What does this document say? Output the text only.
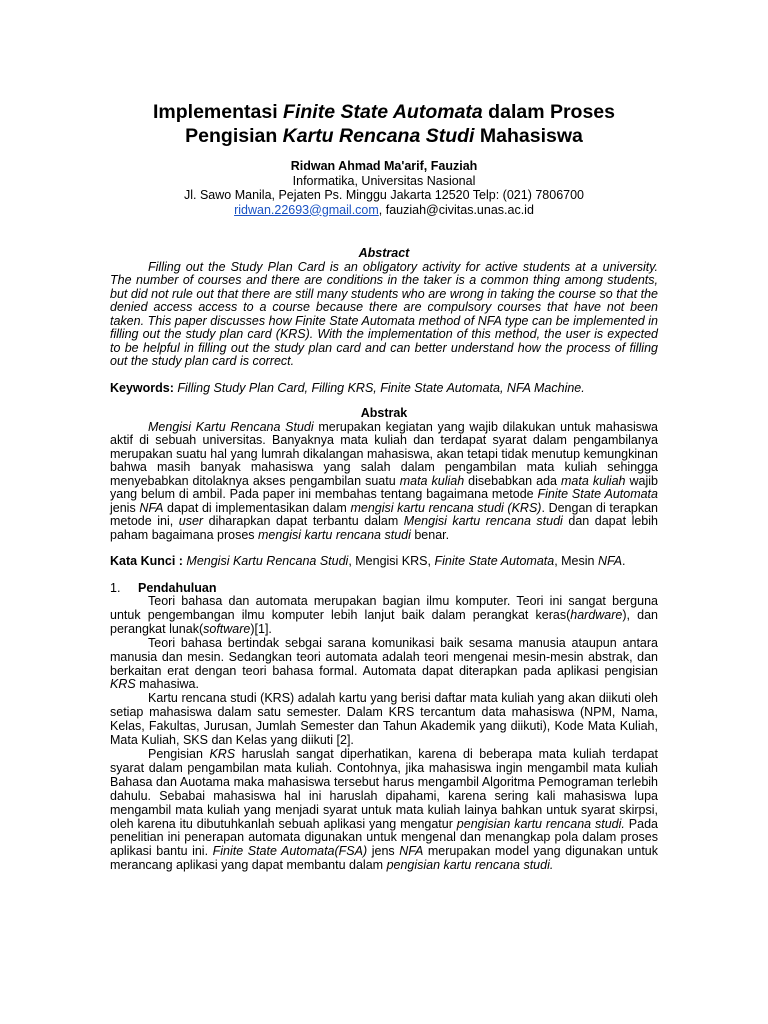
Implementasi Finite State Automata dalam Proses
Pengisian Kartu Rencana Studi Mahasiswa
Ridwan Ahmad Ma'arif, Fauziah
Informatika, Universitas Nasional
Jl. Sawo Manila, Pejaten Ps. Minggu Jakarta 12520 Telp: (021) 7806700
ridwan.22693@gmail.com, fauziah@civitas.unas.ac.id
Abstract

Filling out the Study Plan Card is an obligatory activity for active students at a university. The number of courses and there are conditions in the taker is a common thing among students, but did not rule out that there are still many students who are wrong in taking the course so that the denied access access to a course because there are compulsory courses that have not been taken. This paper discusses how Finite State Automata method of NFA type can be implemented in filling out the study plan card (KRS). With the implementation of this method, the user is expected to be helpful in filling out the study plan card and can better understand how the process of filling out the study plan card is correct.

Keywords: Filling Study Plan Card, Filling KRS, Finite State Automata, NFA Machine.
Abstrak

Mengisi Kartu Rencana Studi merupakan kegiatan yang wajib dilakukan untuk mahasiswa aktif di sebuah universitas. Banyaknya mata kuliah dan terdapat syarat dalam pengambilanya merupakan suatu hal yang lumrah dikalangan mahasiswa, akan tetapi tidak menutup kemungkinan bahwa masih banyak mahasiswa yang salah dalam pengambilan mata kuliah sehingga menyebabkan ditolaknya akses pengambilan suatu mata kuliah disebabkan ada mata kuliah wajib yang belum di ambil. Pada paper ini membahas tentang bagaimana metode Finite State Automata jenis NFA dapat di implementasikan dalam mengisi kartu rencana studi (KRS). Dengan di terapkan metode ini, user diharapkan dapat terbantu dalam Mengisi kartu rencana studi dan dapat lebih paham bagaimana proses mengisi kartu rencana studi benar.

Kata Kunci : Mengisi Kartu Rencana Studi, Mengisi KRS, Finite State Automata, Mesin NFA.
1. Pendahuluan

Teori bahasa dan automata merupakan bagian ilmu komputer. Teori ini sangat berguna untuk pengembangan ilmu komputer lebih lanjut baik dalam perangkat keras(hardware), dan perangkat lunak(software)[1].

Teori bahasa bertindak sebgai sarana komunikasi baik sesama manusia ataupun antara manusia dan mesin. Sedangkan teori automata adalah teori mengenai mesin-mesin abstrak, dan berkaitan erat dengan teori bahasa formal. Automata dapat diterapkan pada aplikasi pengisian KRS mahasiwa.

Kartu rencana studi (KRS) adalah kartu yang berisi daftar mata kuliah yang akan diikuti oleh setiap mahasiswa dalam satu semester. Dalam KRS tercantum data mahasiswa (NPM, Nama, Kelas, Fakultas, Jurusan, Jumlah Semester dan Tahun Akademik yang diikuti), Kode Mata Kuliah, Mata Kuliah, SKS dan Kelas yang diikuti [2].

Pengisian KRS haruslah sangat diperhatikan, karena di beberapa mata kuliah terdapat syarat dalam pengambilan mata kuliah. Contohnya, jika mahasiswa ingin mengambil mata kuliah Bahasa dan Auotama maka mahasiswa tersebut harus mengambil Algoritma Pemograman terlebih dahulu. Sebabai mahasiswa hal ini haruslah dipahami, karena sering kali mahasiswa lupa mengambil mata kuliah yang menjadi syarat untuk mata kuliah lainya bahkan untuk syarat skirpsi, oleh karena itu dibutuhkanlah sebuah aplikasi yang mengatur pengisian kartu rencana studi. Pada penelitian ini penerapan automata digunakan untuk mengenal dan menangkap pola dalam proses aplikasi bantu ini. Finite State Automata(FSA) jens NFA merupakan model yang digunakan untuk merancang aplikasi yang dapat membantu dalam pengisian kartu rencana studi.
